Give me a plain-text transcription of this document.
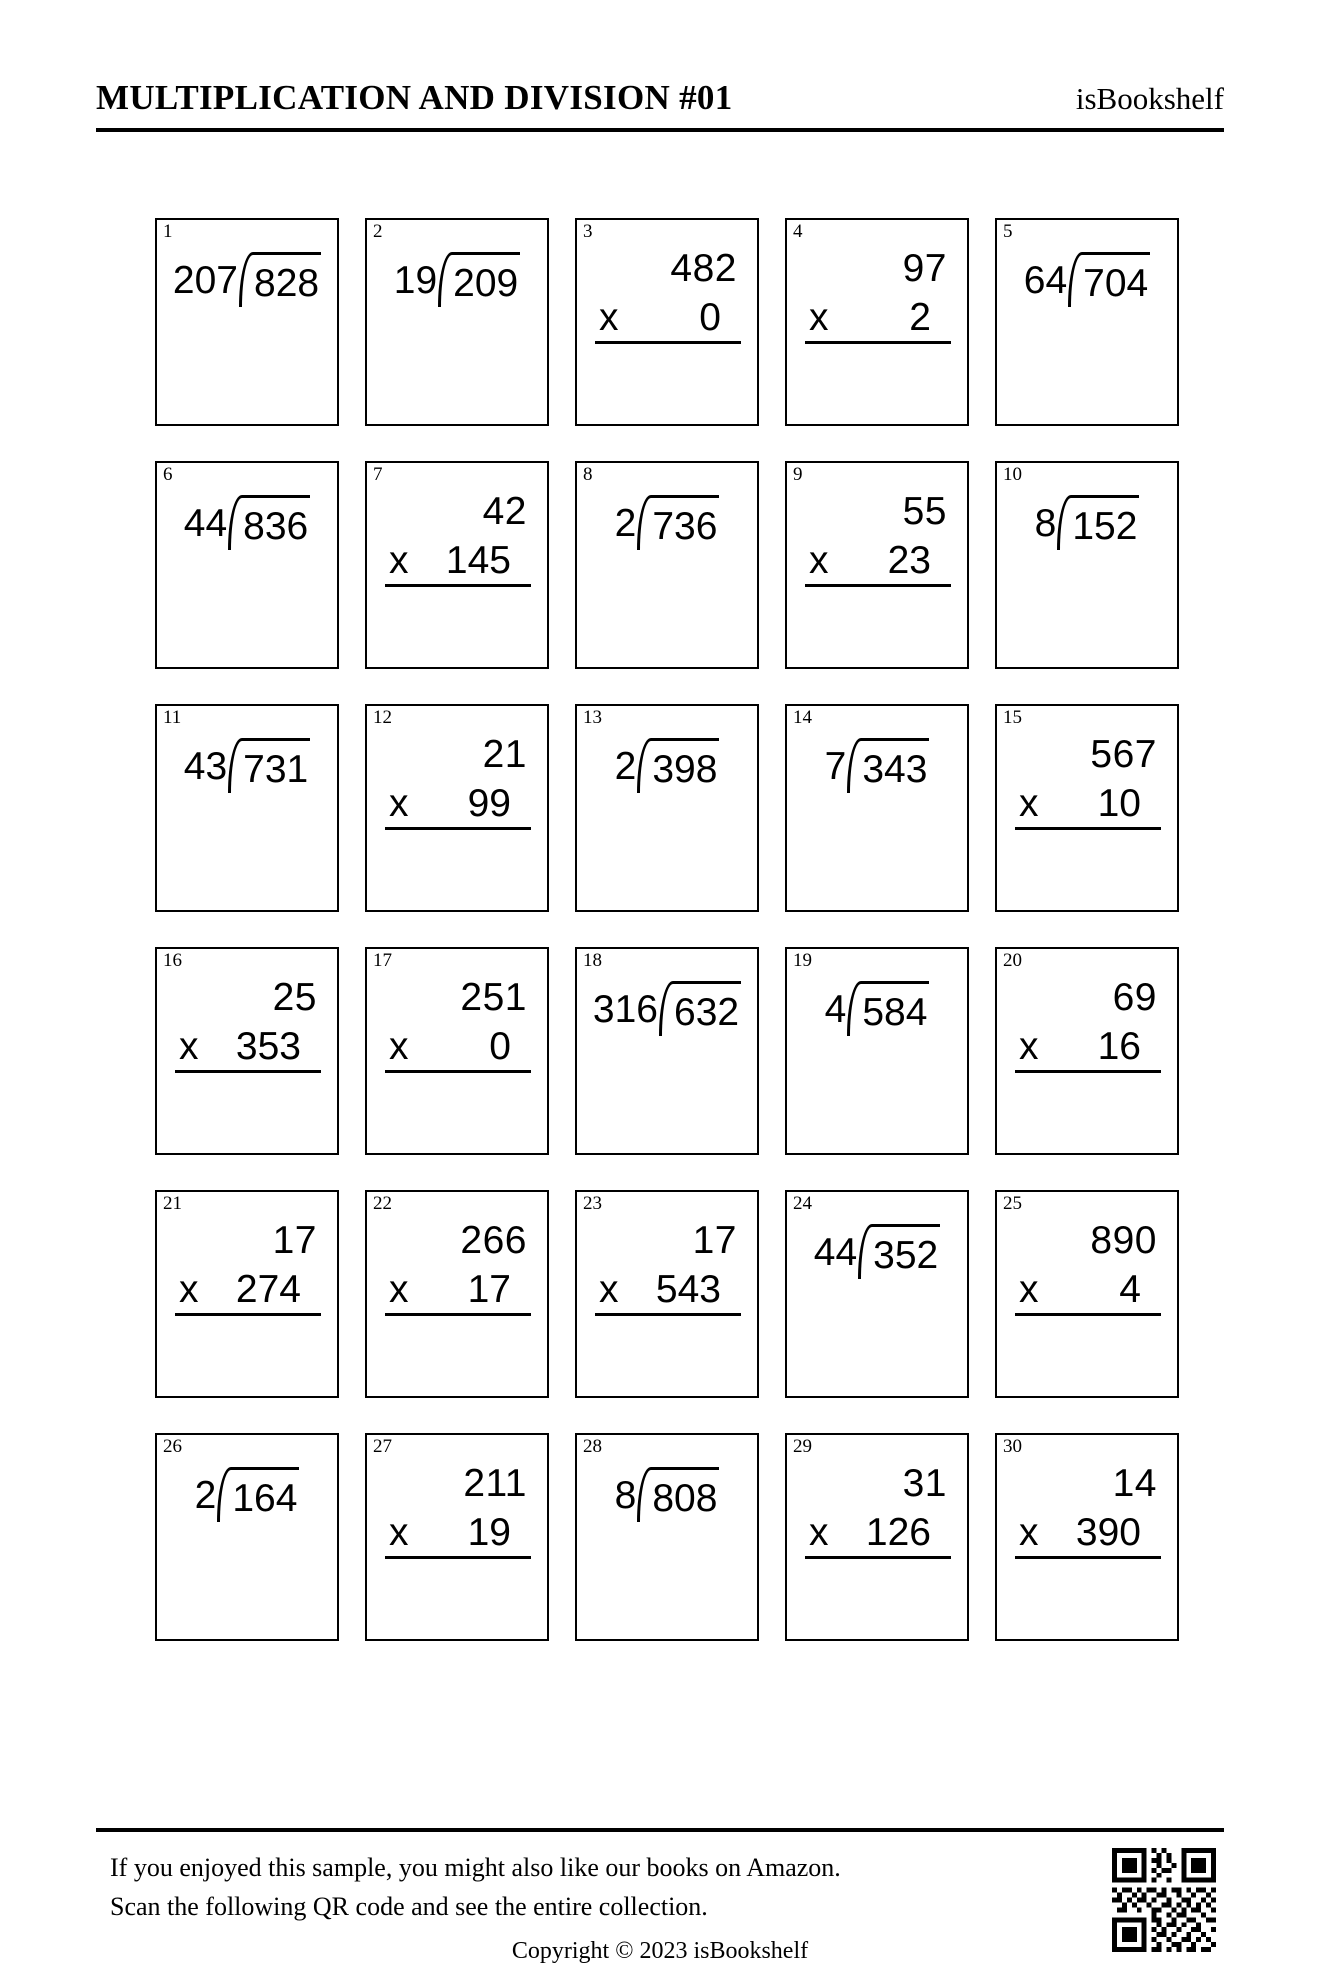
MULTIPLICATION AND DIVISION #01	isBookshelf
1
207 828
2
19 209
3
482
x 0
4
97
x 2
5
64 704
6
44 836
7
42
x 145
8
2 736
9
55
x 23
10
8 152
11
43 731
12
21
x 99
13
2 398
14
7 343
15
567
x 10
16
25
x 353
17
251
x 0
18
316 632
19
4 584
20
69
x 16
21
17
x 274
22
266
x 17
23
17
x 543
24
44 352
25
890
x 4
26
2 164
27
211
x 19
28
8 808
29
31
x 126
30
14
x 390
If you enjoyed this sample, you might also like our books on Amazon.
Scan the following QR code and see the entire collection.
Copyright © 2023 isBookshelf
